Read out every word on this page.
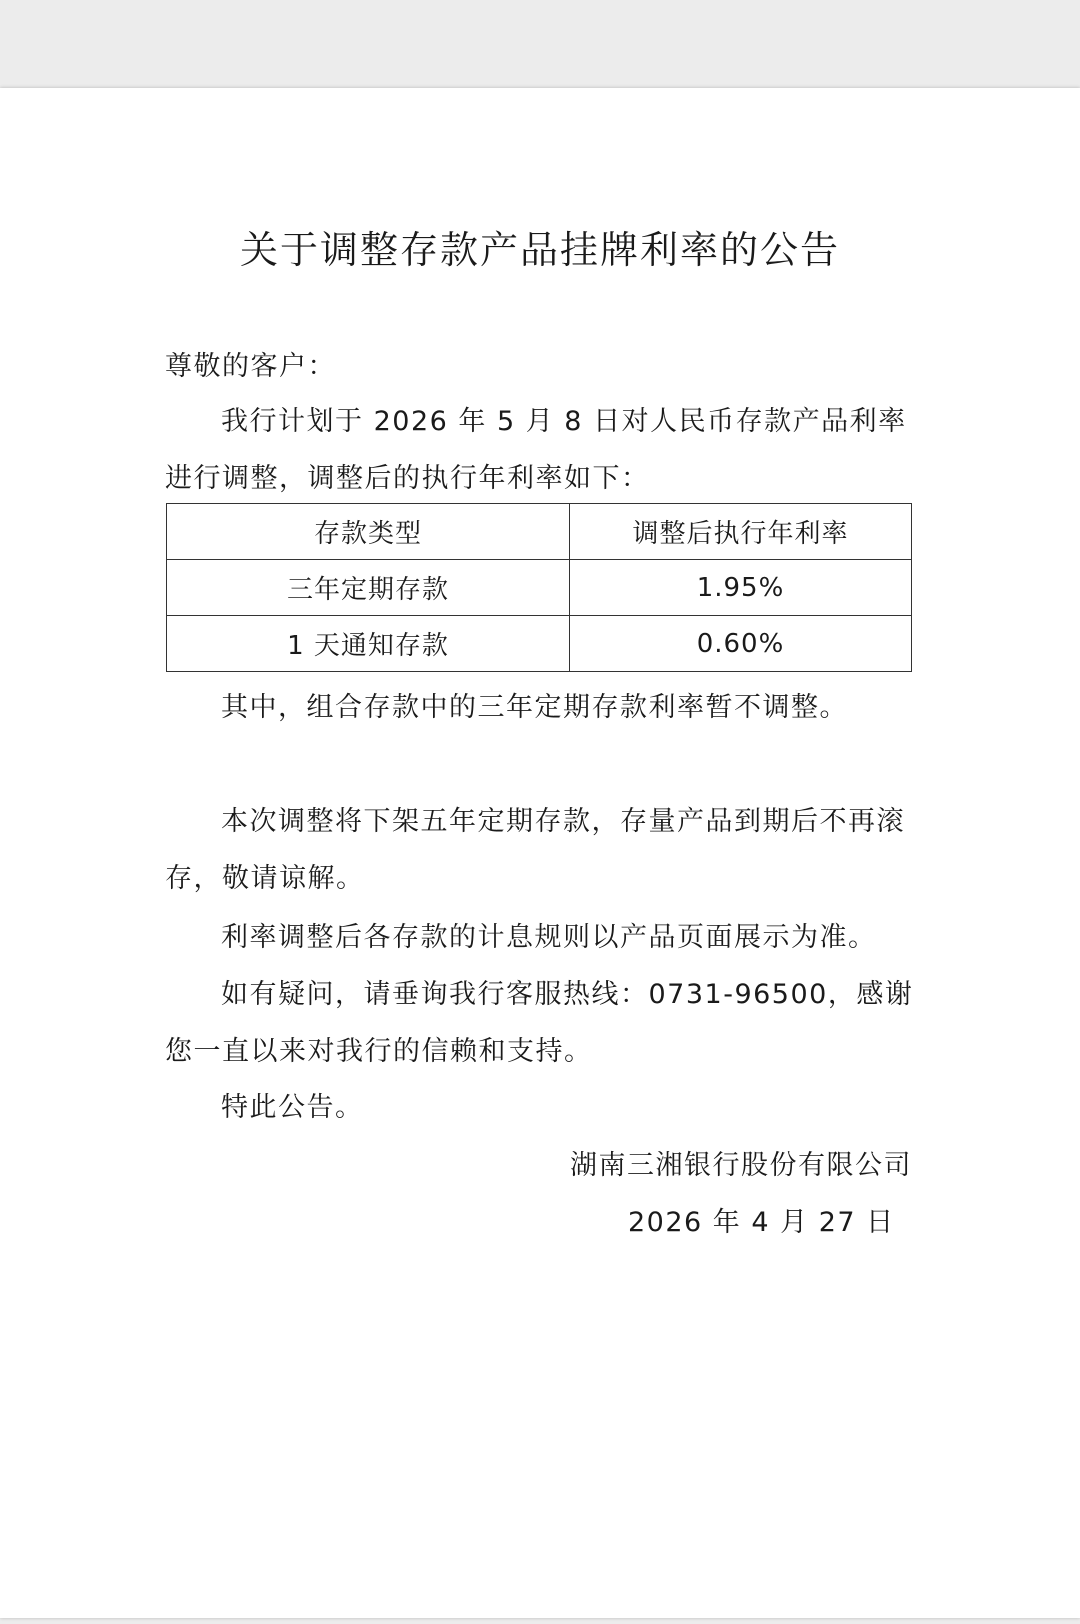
关于调整存款产品挂牌利率的公告

尊敬的客户：

我行计划于 2026 年 5 月 8 日对人民币存款产品利率进行调整，调整后的执行年利率如下：

存款类型	调整后执行年利率
三年定期存款	1.95%
1 天通知存款	0.60%

其中，组合存款中的三年定期存款利率暂不调整。

本次调整将下架五年定期存款，存量产品到期后不再滚存，敬请谅解。

利率调整后各存款的计息规则以产品页面展示为准。

如有疑问，请垂询我行客服热线：0731-96500，感谢您一直以来对我行的信赖和支持。

特此公告。

湖南三湘银行股份有限公司
2026 年 4 月 27 日
